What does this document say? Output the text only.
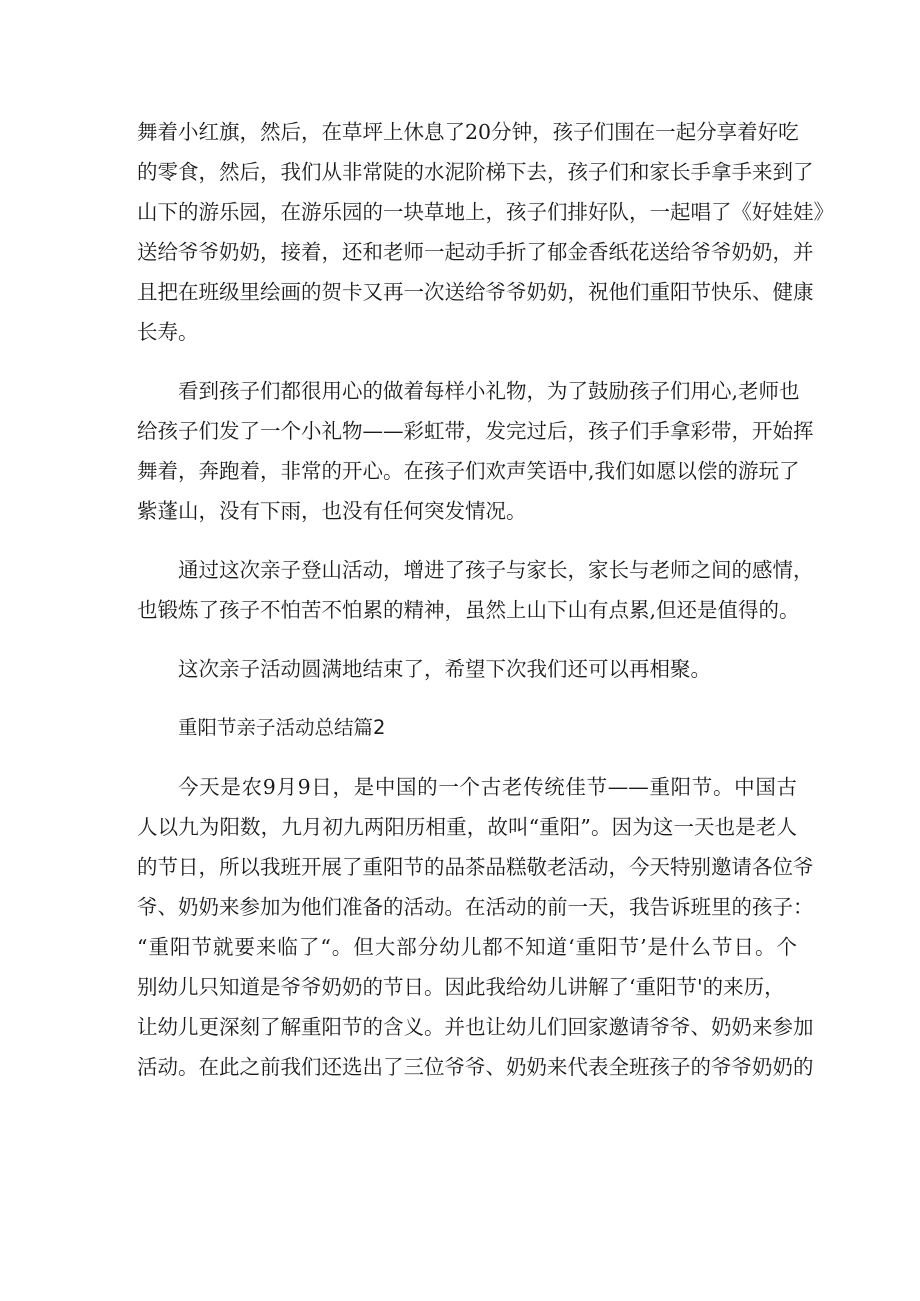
舞着小红旗，然后，在草坪上休息了20分钟，孩子们围在一起分享着好吃
的零食，然后，我们从非常陡的水泥阶梯下去，孩子们和家长手拿手来到了
山下的游乐园，在游乐园的一块草地上，孩子们排好队，一起唱了《好娃娃》
送给爷爷奶奶，接着，还和老师一起动手折了郁金香纸花送给爷爷奶奶，并
且把在班级里绘画的贺卡又再一次送给爷爷奶奶，祝他们重阳节快乐、健康
长寿。
看到孩子们都很用心的做着每样小礼物，为了鼓励孩子们用心,老师也
给孩子们发了一个小礼物——彩虹带，发完过后，孩子们手拿彩带，开始挥
舞着，奔跑着，非常的开心。在孩子们欢声笑语中,我们如愿以偿的游玩了
紫蓬山，没有下雨，也没有任何突发情况。
通过这次亲子登山活动，增进了孩子与家长，家长与老师之间的感情，
也锻炼了孩子不怕苦不怕累的精神，虽然上山下山有点累,但还是值得的。
这次亲子活动圆满地结束了，希望下次我们还可以再相聚。
重阳节亲子活动总结篇2
今天是农9月9日，是中国的一个古老传统佳节——重阳节。中国古
人以九为阳数，九月初九两阳历相重，故叫“重阳”。因为这一天也是老人
的节日，所以我班开展了重阳节的品茶品糕敬老活动，今天特别邀请各位爷
爷、奶奶来参加为他们准备的活动。在活动的前一天，我告诉班里的孩子：
“重阳节就要来临了“。但大部分幼儿都不知道‘重阳节’是什么节日。个
别幼儿只知道是爷爷奶奶的节日。因此我给幼儿讲解了‘重阳节'的来历，
让幼儿更深刻了解重阳节的含义。并也让幼儿们回家邀请爷爷、奶奶来参加
活动。在此之前我们还选出了三位爷爷、奶奶来代表全班孩子的爷爷奶奶的
